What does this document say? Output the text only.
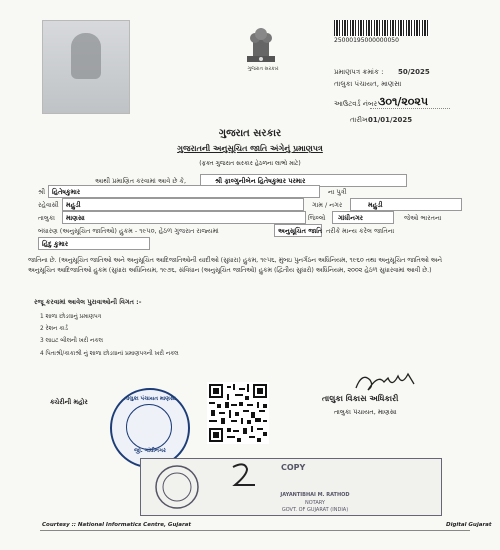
ગુજરાત સરકાર
25000195000000050
પ્રમાણપત્ર ક્રમાંક : 50/2025
તાલુકા પંચાયત, માણસા
આઉટવર્ડ નંબર ૩૦૧/૨૦૨૫
તારીખ :
01/01/2025
ગુજરાત સરકાર
ગુજરાતની અનુસૂચિત જાતિ અંગેનું પ્રમાણપત્ર
(ફક્ત ગુજરાત સરકાર હેઠળના લાભો માટે)
આથી પ્રમાણિત કરવામાં આવે છે કે,	શ્રી ફાલ્ગુનીબેન હિતેષકુમાર પરમાર
શ્રી હિતેષકુમાર	ના પુત્રી
રહેવાસી મહુડી	ગામ / નગર	મહુડી
તાલુકા માણસા	જિલ્લો ગાંધીનગર	જેઓ ભારતના
બંધારણ (અનુસૂચિત જાતિઓ) હુકમ - ૧૯૫૦, હેઠળ ગુજરાત રાજ્યમાં	અનુસૂચિત જાતિ તરીકે માન્ય કરેલ જાતિના
હિંદુ કુમાર
જાતિના છે. (અનુસૂચિત જાતિઓ અને અનુસૂચિત આદિજાતિઓની યાદીઓ (સુધારા) હુકમ, ૧૯૫૬, મુંબઇ પુનર્ગઠન અધિનિયમ, ૧૯૬૦ તથા અનુસૂચિત જાતિઓ અને અનુસૂચિત આદિજાતિઓ હુકમ (સુધારા અધિનિયમ, ૧૯૭૬, સંવિધાન (અનુસૂચિત જાતિઓ) હુકમ (દ્વિતીય સુધારો) અધિનિયમ, ૨૦૦૨ હેઠળ સુધારવામાં આવી છે.)
રજૂ કરવામાં આવેલ પુરાવાઓની વિગત :-
1 શાળા છોડવાનું પ્રમાણપત્ર
2 રેશન કાર્ડ
3 લાઇટ બીલની ખરી નકલ
4 પિતાશ્રી/કાકાશ્રી નું શાળા છોડવાનાં પ્રમાણપત્રની ખરી નકલ
તાલુકા વિકાસ અધિકારી
તાલુકા પંચાયત, માણસા
ક્ચેરીની મહોર	તાલુકા પંચાયત માણસા
જી. ગાંધીનગર
COPY
JAYANTIBHAI M. RATHOD
NOTARY
GOVT. OF GUJARAT (INDIA)
Courtesy :: National Informatics Centre, Gujarat	Digital Gujarat
